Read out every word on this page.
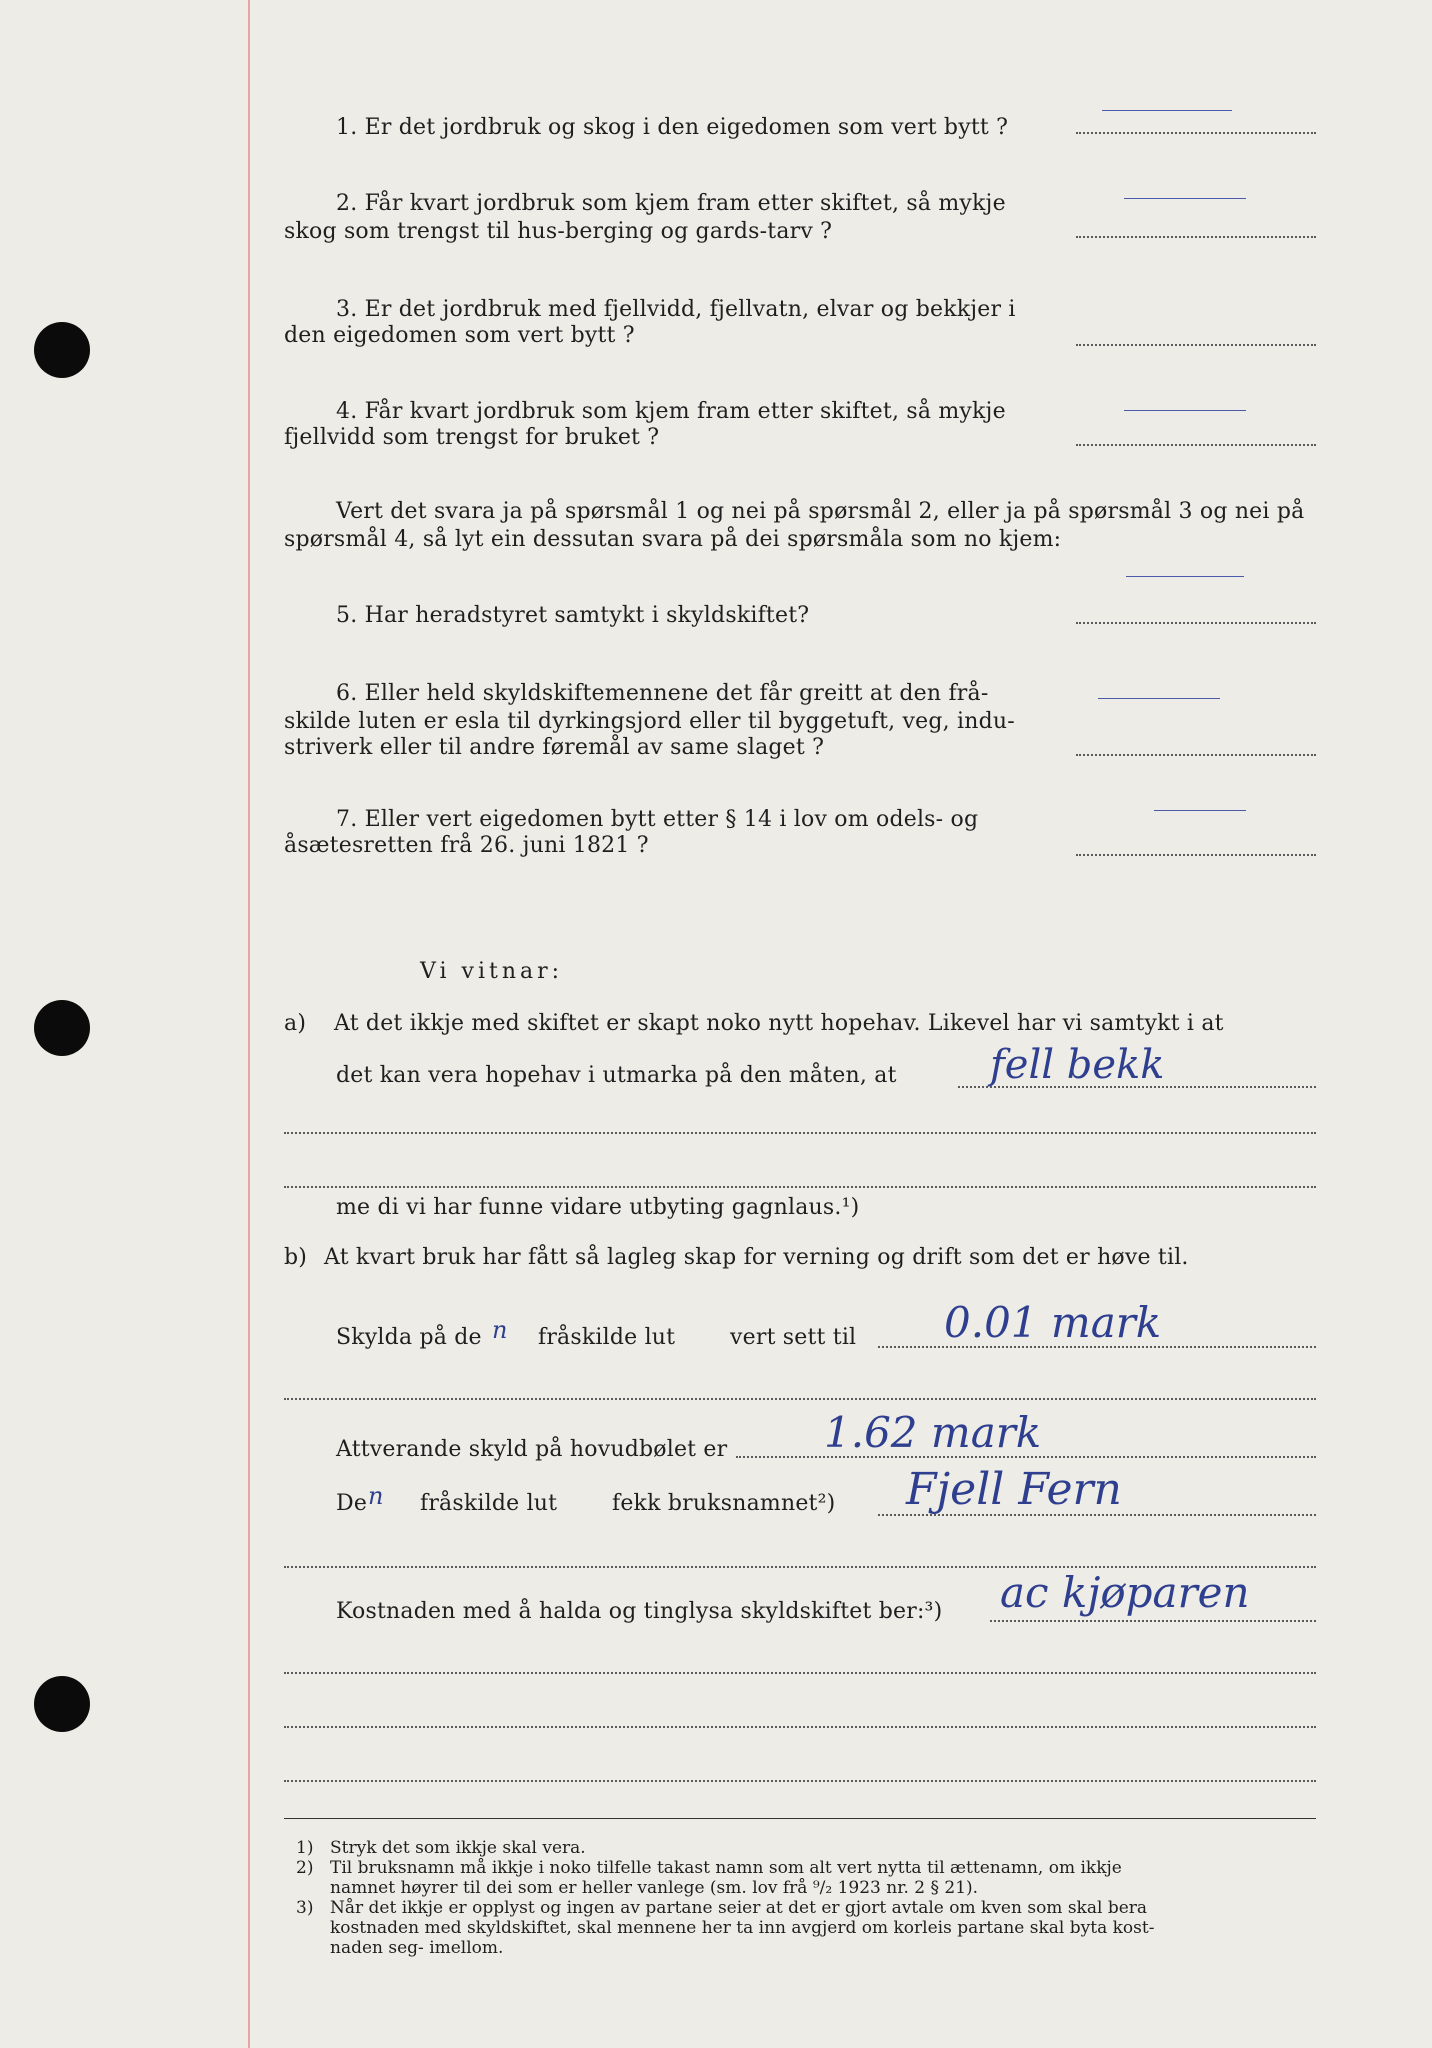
1. Er det jordbruk og skog i den eigedomen som vert bytt ?
2. Får kvart jordbruk som kjem fram etter skiftet, så mykje
skog som trengst til hus-berging og gards-tarv ?
3. Er det jordbruk med fjellvidd, fjellvatn, elvar og bekkjer i
den eigedomen som vert bytt ?
4. Får kvart jordbruk som kjem fram etter skiftet, så mykje
fjellvidd som trengst for bruket ?
Vert det svara ja på spørsmål 1 og nei på spørsmål 2, eller ja på spørsmål 3 og nei på
spørsmål 4, så lyt ein dessutan svara på dei spørsmåla som no kjem:
5. Har heradstyret samtykt i skyldskiftet?
6. Eller held skyldskiftemennene det får greitt at den frå-
skilde luten er esla til dyrkingsjord eller til byggetuft, veg, indu-
striverk eller til andre føremål av same slaget ?
7. Eller vert eigedomen bytt etter § 14 i lov om odels- og
åsætesretten frå 26. juni 1821 ?
Vi vitnar:
a) At det ikkje med skiftet er skapt noko nytt hopehav. Likevel har vi samtykt i at
det kan vera hopehav i utmarka på den måten, at fell bekk
me di vi har funne vidare utbyting gagnlaus.¹)
b) At kvart bruk har fått så lagleg skap for verning og drift som det er høve til.
Skylda på de n fråskilde lut vert sett til 0.01 mark
Attverande skyld på hovudbølet er 1.62 mark
De n fråskilde lut fekk bruksnamnet²) Fjell Fern
Kostnaden med å halda og tinglysa skyldskiftet ber:³) ac kjøparen
1) Stryk det som ikkje skal vera.
2) Til bruksnamn må ikkje i noko tilfelle takast namn som alt vert nytta til ættenamn, om ikkje
namnet høyrer til dei som er heller vanlege (sm. lov frå ⁹/₂ 1923 nr. 2 § 21).
3) Når det ikkje er opplyst og ingen av partane seier at det er gjort avtale om kven som skal bera
kostnaden med skyldskiftet, skal mennene her ta inn avgjerd om korleis partane skal byta kost-
naden seg- imellom.
